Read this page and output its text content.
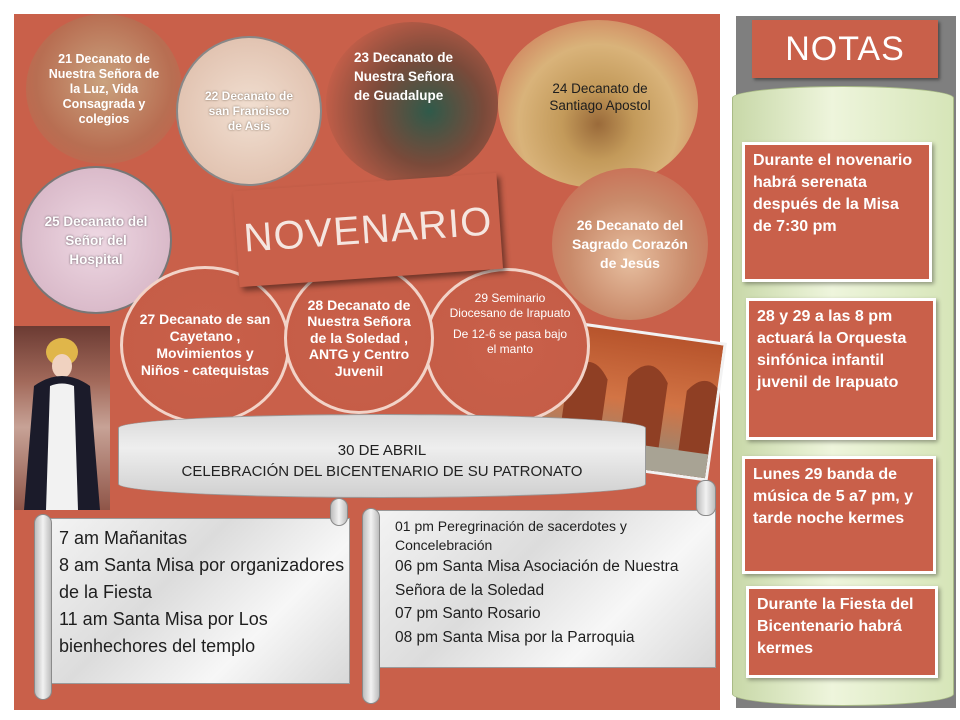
NOTAS
Durante el novenario habrá serenata después de la Misa de 7:30 pm
28 y 29 a las 8 pm actuará la Orquesta sinfónica infantil juvenil de Irapuato
Lunes 29 banda de música de 5 a7 pm, y tarde noche kermes
Durante la Fiesta del Bicentenario habrá kermes
21 Decanato de Nuestra Señora de la Luz, Vida Consagrada y colegios
22 Decanato de san Francisco de Asís
23 Decanato de Nuestra Señora de Guadalupe	24 Decanato de Santiago Apostol
25 Decanato del Señor del Hospital
26 Decanato del Sagrado Corazón de Jesús
27 Decanato de san Cayetano , Movimientos y Niños - catequistas
29 Seminario Diocesano de Irapuato
De 12-6 se pasa bajo el manto
28 Decanato de Nuestra Señora de la Soledad , ANTG y Centro Juvenil
NOVENARIO
30 DE ABRIL
CELEBRACIÓN DEL BICENTENARIO DE SU PATRONATO
7 am Mañanitas
8 am Santa Misa por organizadores de la Fiesta
11 am Santa Misa por Los bienhechores del templo
01 pm Peregrinación de sacerdotes y Concelebración
06 pm Santa Misa Asociación de Nuestra Señora de la Soledad
07 pm Santo Rosario
08 pm Santa Misa por la Parroquia
